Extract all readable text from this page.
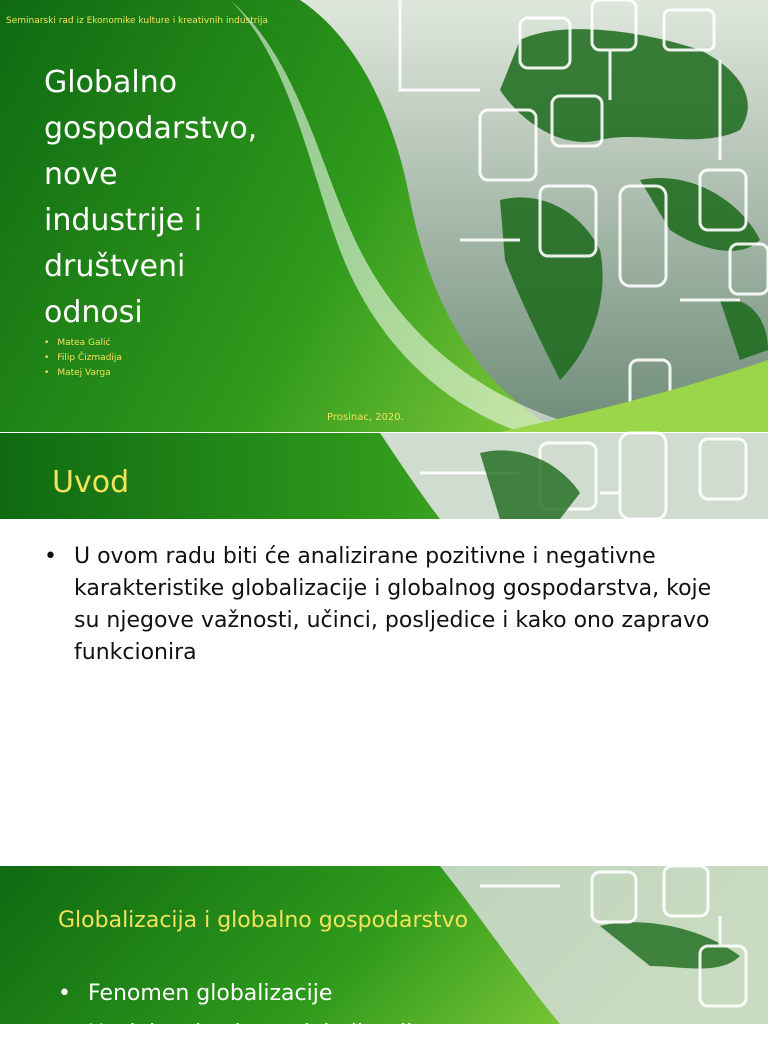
Seminarski rad iz Ekonomike kulture i kreativnih industrija
Globalno
gospodarstvo,
nove
industrije i
društveni
odnosi
• Matea Galić
• Filip Čizmadija
• Matej Varga
Prosinac, 2020.
Uvod
• U ovom radu biti će analizirane pozitivne i negativne karakteristike globalizacije i globalnog gospodarstva, koje su njegove važnosti, učinci, posljedice i kako ono zapravo funkcionira
Globalizacija i globalno gospodarstvo
• Fenomen globalizacije
• Uspjeh zakonitost globalizacije
